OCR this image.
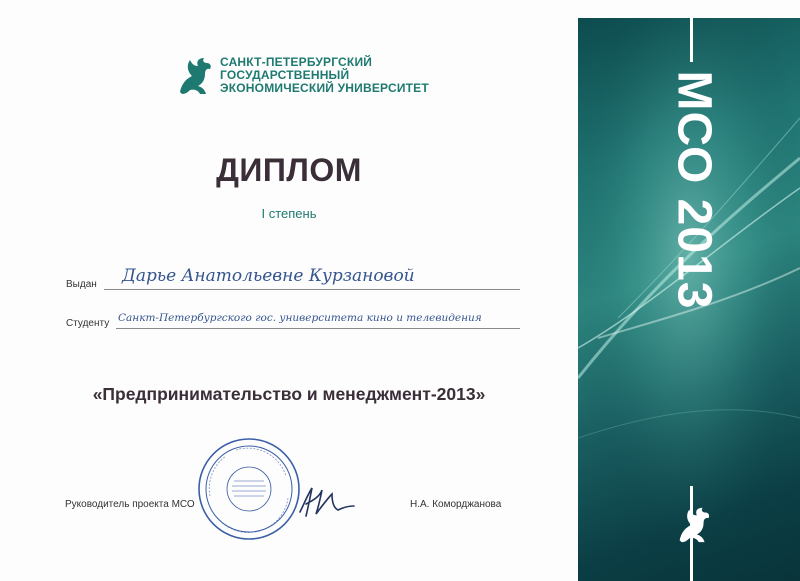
САНКТ-ПЕТЕРБУРГСКИЙ
ГОСУДАРСТВЕННЫЙ
ЭКОНОМИЧЕСКИЙ УНИВЕРСИТЕТ
ДИПЛОМ
I степень
Выдан Дарье Анатольевне Курзановой
Студенту Санкт-Петербургского гос. университета кино и телевидения
«Предпринимательство и менеджмент-2013»
Руководитель проекта МСО	Н.А. Коморджанова
МСО 2013
